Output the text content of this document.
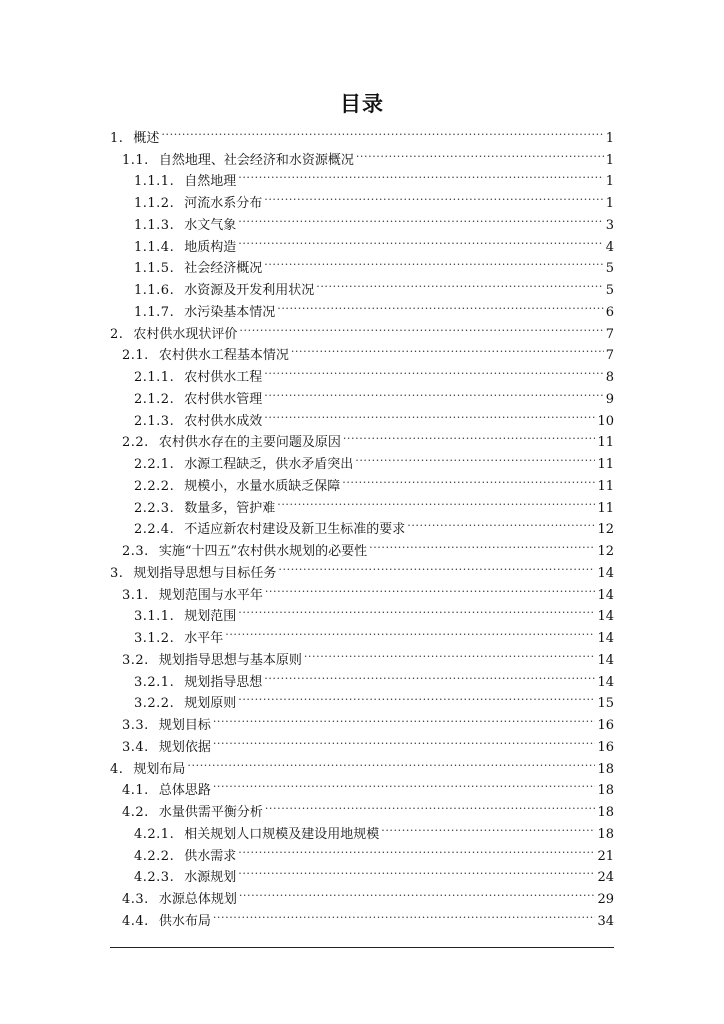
目录
1. 概述 .....	1
1.1. 自然地理、社会经济和水资源概况 .....	1
1.1.1. 自然地理 .....	1
1.1.2. 河流水系分布 .....	1
1.1.3. 水文气象 .....	3
1.1.4. 地质构造 .....	4
1.1.5. 社会经济概况 .....	5
1.1.6. 水资源及开发利用状况 .....	5
1.1.7. 水污染基本情况 .....	6
2. 农村供水现状评价 .....	7
2.1. 农村供水工程基本情况 .....	7
2.1.1. 农村供水工程 .....	8
2.1.2. 农村供水管理 .....	9
2.1.3. 农村供水成效 .....	10
2.2. 农村供水存在的主要问题及原因 .....	11
2.2.1. 水源工程缺乏，供水矛盾突出 .....	11
2.2.2. 规模小，水量水质缺乏保障 .....	11
2.2.3. 数量多，管护难 .....	11
2.2.4. 不适应新农村建设及新卫生标准的要求 .....	12
2.3. 实施“十四五”农村供水规划的必要性 .....	12
3. 规划指导思想与目标任务 .....	14
3.1. 规划范围与水平年 .....	14
3.1.1. 规划范围 .....	14
3.1.2. 水平年 .....	14
3.2. 规划指导思想与基本原则 .....	14
3.2.1. 规划指导思想 .....	14
3.2.2. 规划原则 .....	15
3.3. 规划目标 .....	16
3.4. 规划依据 .....	16
4. 规划布局 .....	18
4.1. 总体思路 .....	18
4.2. 水量供需平衡分析 .....	18
4.2.1. 相关规划人口规模及建设用地规模 .....	18
4.2.2. 供水需求 .....	21
4.2.3. 水源规划 .....	24
4.3. 水源总体规划 .....	29
4.4. 供水布局 .....	34
